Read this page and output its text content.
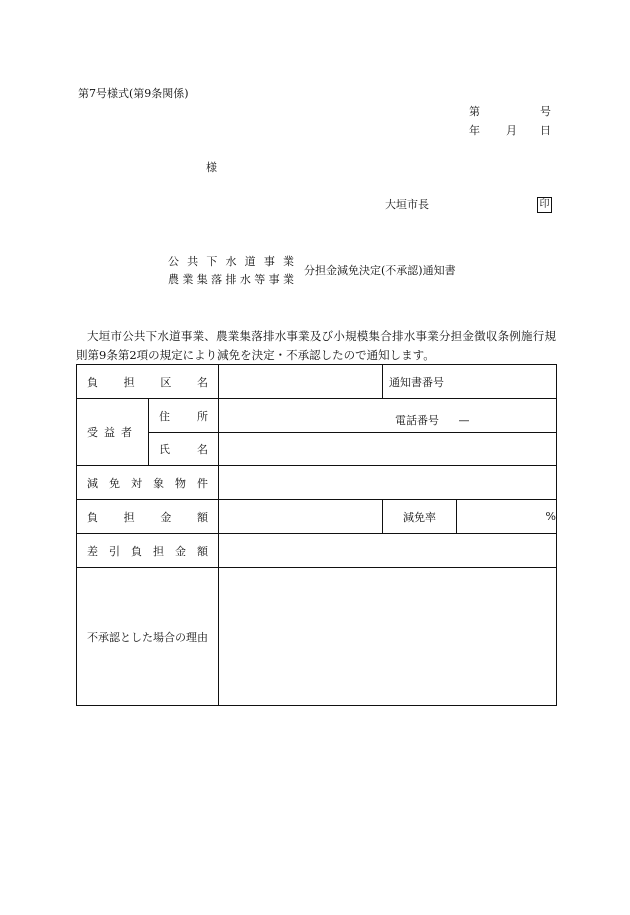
第7号様式(第9条関係)
第	号
年 月 日
様
大垣市長	印
公共下水道事業
農業集落排水等事業
分担金減免決定(不承認)通知書
大垣市公共下水道事業、農業集落排水事業及び小規模集合排水事業分担金徴収条例施行規則第9条第2項の規定により減免を決定・不承認したので通知します。
負担区名			通知書番号	
受益者	住所	電話番号 —		

	氏名			

減免対象物件				

負担金額			減免率	%

差引負担金額				

不承認とした場合の理由				
